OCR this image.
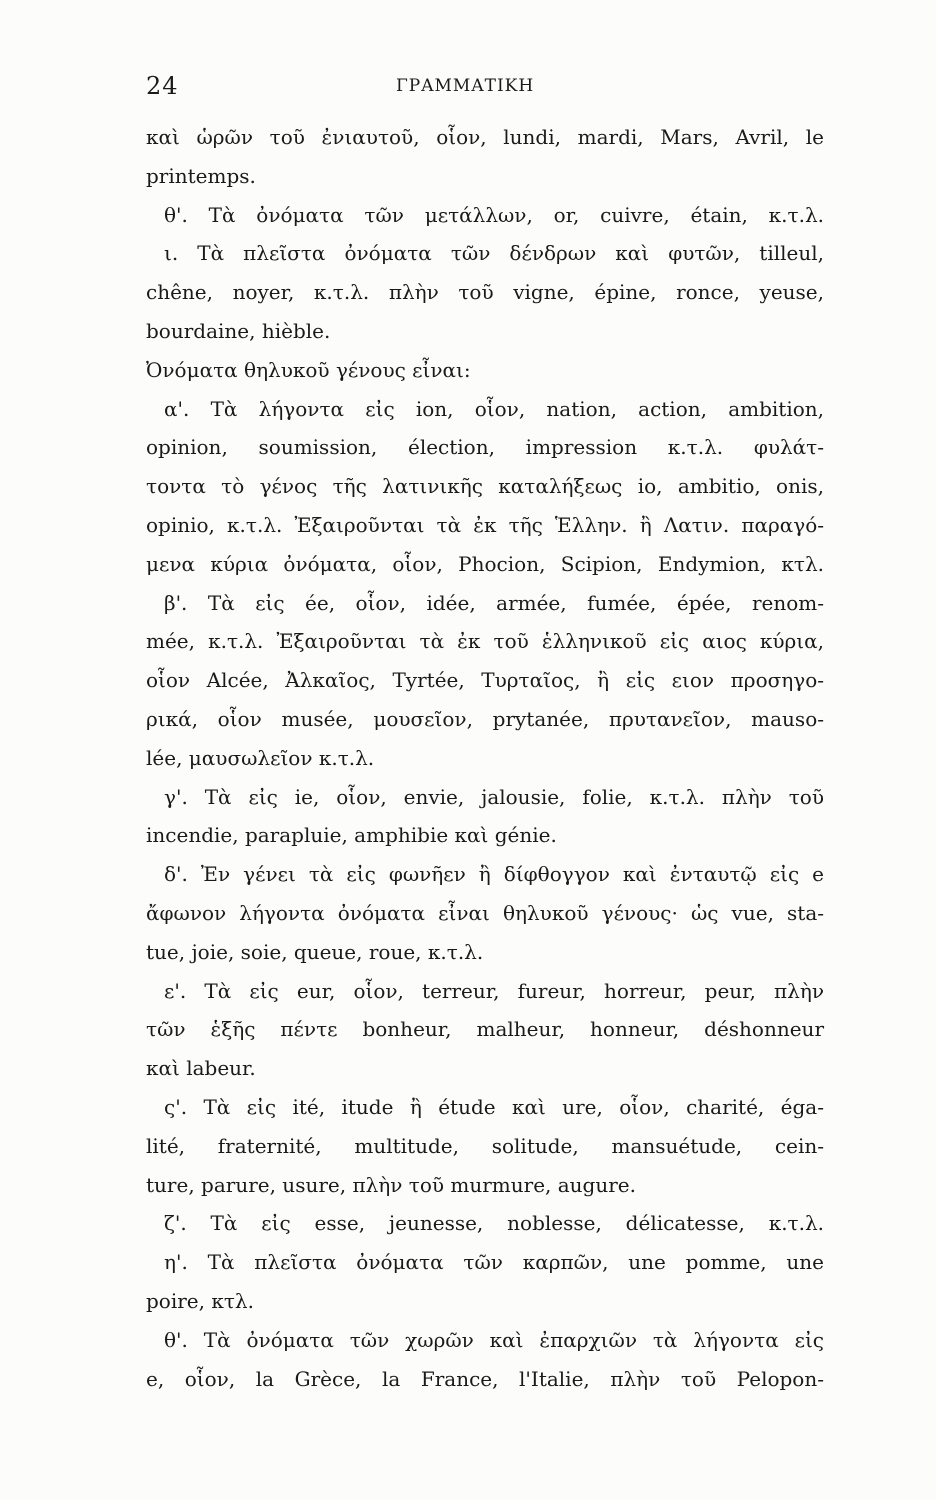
24	ΓΡΑΜΜΑΤΙΚΗ
καὶ ὡρῶν τοῦ ἐνιαυτοῦ, οἷον, lundi, mardi, Mars, Avril, le
printemps.
θ'. Τὰ ὀνόματα τῶν μετάλλων, or, cuivre, étain, κ.τ.λ.
ι. Τὰ πλεῖστα ὀνόματα τῶν δένδρων καὶ φυτῶν, tilleul,
chêne, noyer, κ.τ.λ. πλὴν τοῦ vigne, épine, ronce, yeuse,
bourdaine, hièble.
Ὀνόματα θηλυκοῦ γένους εἶναι:
α'. Τὰ λήγοντα εἰς ion, οἷον, nation, action, ambition,
opinion, soumission, élection, impression κ.τ.λ. φυλάτ-
τοντα τὸ γένος τῆς λατινικῆς καταλήξεως io, ambitio, onis,
opinio, κ.τ.λ. Ἐξαιροῦνται τὰ ἐκ τῆς Ἑλλην. ἢ Λατιν. παραγό-
μενα κύρια ὀνόματα, οἷον, Phocion, Scipion, Endymion, κτλ.
β'. Τὰ εἰς ée, οἷον, idée, armée, fumée, épée, renom-
mée, κ.τ.λ. Ἐξαιροῦνται τὰ ἐκ τοῦ ἑλληνικοῦ εἰς αιος κύρια,
οἷον Alcée, Ἀλκαῖος, Tyrtée, Τυρταῖος, ἢ εἰς ειον προσηγο-
ρικά, οἷον musée, μουσεῖον, prytanée, πρυτανεῖον, mauso-
lée, μαυσωλεῖον κ.τ.λ.
γ'. Τὰ εἰς ie, οἷον, envie, jalousie, folie, κ.τ.λ. πλὴν τοῦ
incendie, parapluie, amphibie καὶ génie.
δ'. Ἐν γένει τὰ εἰς φωνῆεν ἢ δίφθογγον καὶ ἐνταυτῷ εἰς e
ἄφωνον λήγοντα ὀνόματα εἶναι θηλυκοῦ γένους· ὡς vue, sta-
tue, joie, soie, queue, roue, κ.τ.λ.
ε'. Τὰ εἰς eur, οἷον, terreur, fureur, horreur, peur, πλὴν
τῶν ἑξῆς πέντε bonheur, malheur, honneur, déshonneur
καὶ labeur.
ς'. Τὰ εἰς ité, itude ἢ étude καὶ ure, οἷον, charité, éga-
lité, fraternité, multitude, solitude, mansuétude, cein-
ture, parure, usure, πλὴν τοῦ murmure, augure.
ζ'. Τὰ εἰς esse, jeunesse, noblesse, délicatesse, κ.τ.λ.
η'. Τὰ πλεῖστα ὀνόματα τῶν καρπῶν, une pomme, une
poire, κτλ.
θ'. Τὰ ὀνόματα τῶν χωρῶν καὶ ἐπαρχιῶν τὰ λήγοντα εἰς
e, οἷον, la Grèce, la France, l'Italie, πλὴν τοῦ Pelopon-
